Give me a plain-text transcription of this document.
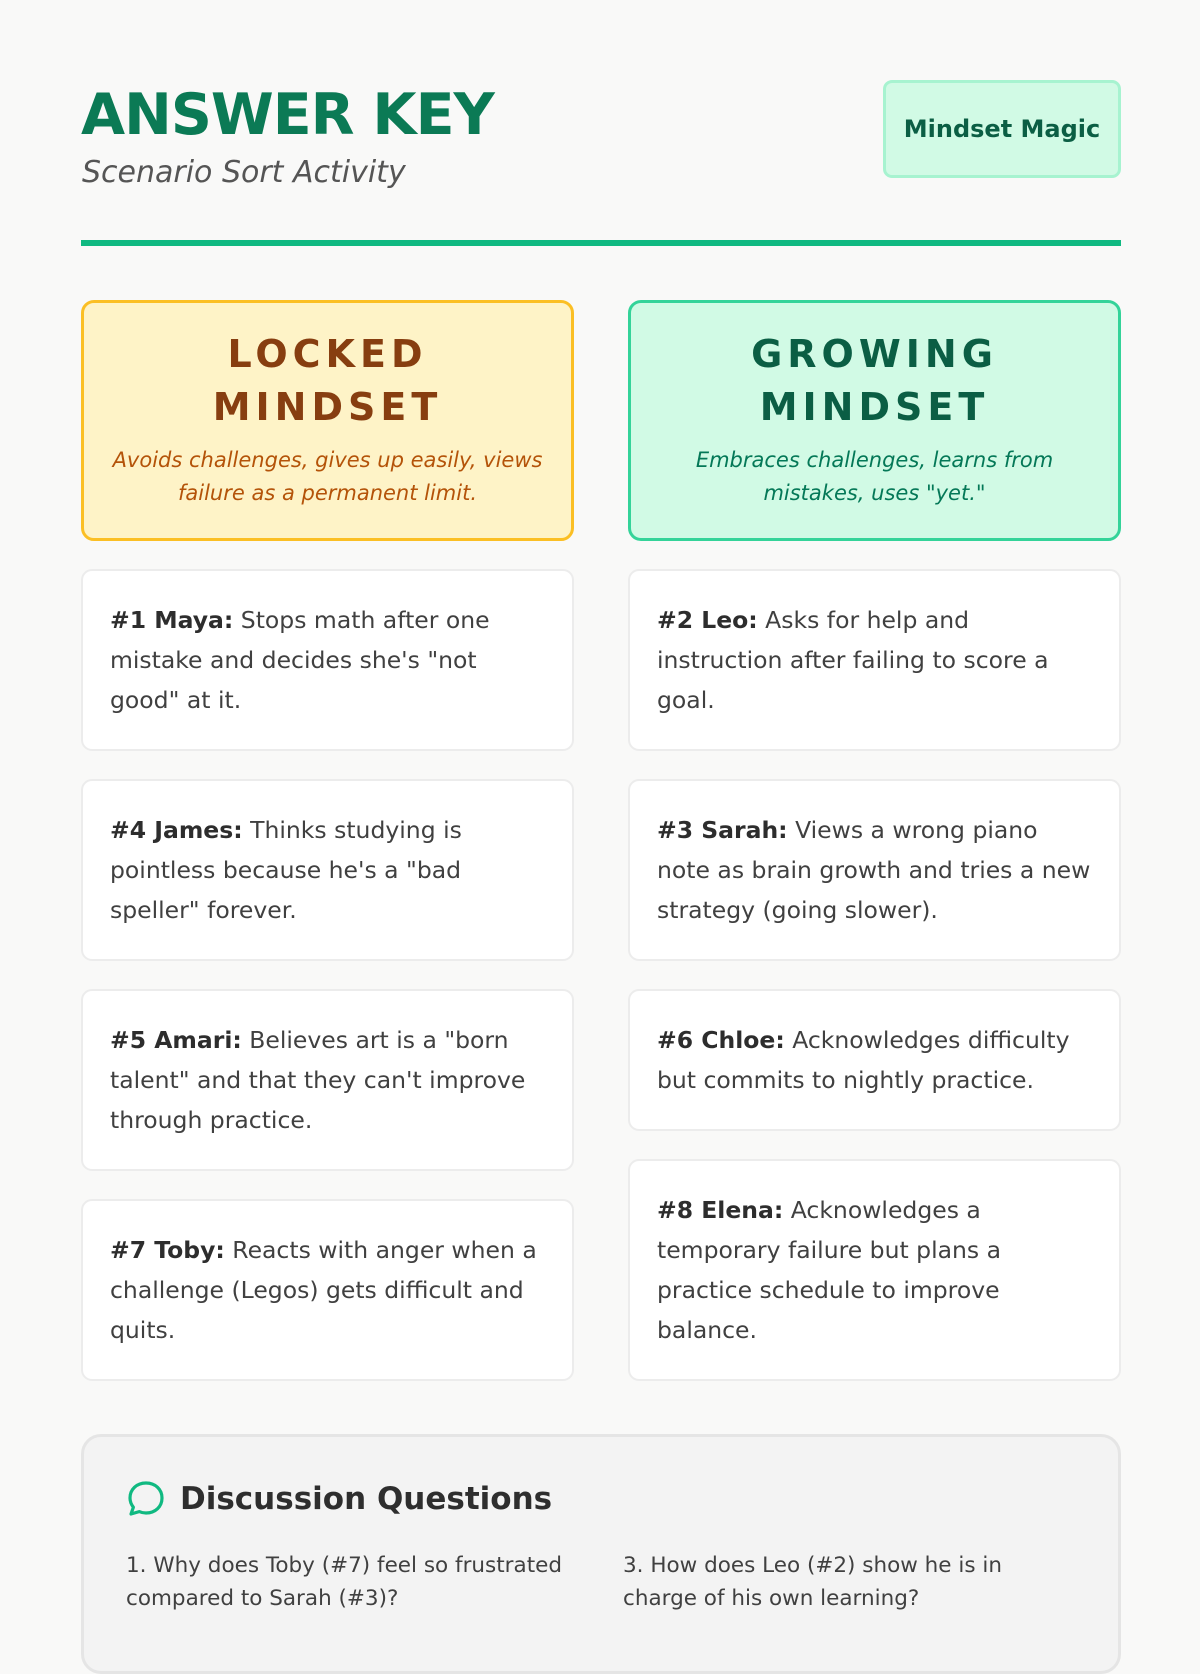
ANSWER KEY
Scenario Sort Activity
Mindset Magic
LOCKED MINDSET
Avoids challenges, gives up easily, views failure as a permanent limit.
#1 Maya: Stops math after one mistake and decides she's "not good" at it.
#4 James: Thinks studying is pointless because he's a "bad speller" forever.
#5 Amari: Believes art is a "born talent" and that they can't improve through practice.
#7 Toby: Reacts with anger when a challenge (Legos) gets difficult and quits.
GROWING MINDSET
Embraces challenges, learns from mistakes, uses "yet."
#2 Leo: Asks for help and instruction after failing to score a goal.
#3 Sarah: Views a wrong piano note as brain growth and tries a new strategy (going slower).
#6 Chloe: Acknowledges difficulty but commits to nightly practice.
#8 Elena: Acknowledges a temporary failure but plans a practice schedule to improve balance.
Discussion Questions
1. Why does Toby (#7) feel so frustrated compared to Sarah (#3)?
3. How does Leo (#2) show he is in charge of his own learning?
